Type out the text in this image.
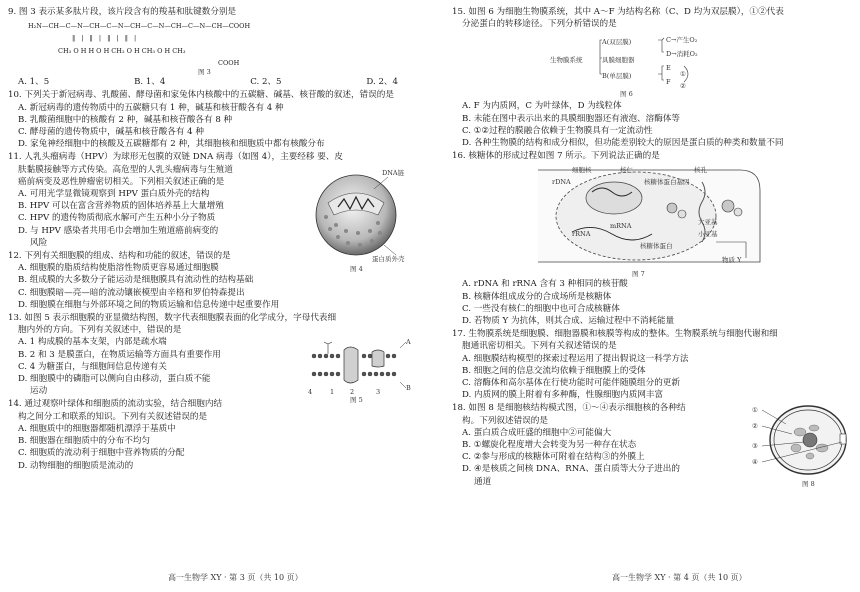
9. 图 3 表示某多肽片段，该片段含有的羧基和肽键数分别是
H₂N—CH—C—N—CH—C—N—CH—C—N—CH—C—N—CH—COOH
‖ | ‖ | ‖ | ‖ |
CH₃ O H H O H CH₂ O H CH₃ O H CH₃
COOH
图 3
A. 1、5	B. 1、4	C. 2、5	D. 2、4
10. 下列关于新冠病毒、乳酸菌、酵母菌和家兔体内核酸中的五碳糖、碱基、核苷酸的叙述，错误的是
A. 新冠病毒的遗传物质中的五碳糖只有 1 种，碱基和核苷酸各有 4 种
B. 乳酸菌细胞中的核酸有 2 种，碱基和核苷酸各有 8 种
C. 酵母菌的遗传物质中，碱基和核苷酸各有 4 种
D. 家兔神经细胞中的核酸及五碳糖都有 2 种，其细胞核和细胞质中都有核酸分布
11. 人乳头瘤病毒（HPV）为球形无包膜的双链 DNA 病毒（如图 4），主要经移 要、皮
肤黏膜接触等方式传染。高危型的人乳头瘤病毒与生殖道
癌前病变及恶性肿瘤密切相关。下列相关叙述正确的是
A. 可用光学显微镜观察到 HPV 蛋白质外壳的结构
B. HPV 可以在富含营养物质的固体培养基上大量增殖
C. HPV 的遗传物质彻底水解可产生五种小分子物质
D. 与 HPV 感染者共用毛巾会增加生殖道癌前病变的
风险
DNA链
蛋白质外壳
图 4
12. 下列有关细胞膜的组成、结构和功能的叙述，错误的是
A. 细胞膜的脂质结构使脂溶性物质更容易通过细胞膜
B. 组成膜的大多数分子能运动是细胞膜具有流动性的结构基础
C. 细胞膜暗—亮—暗的流动镶嵌模型由辛格和罗伯特森提出
D. 细胞膜在细胞与外部环境之间的物质运输和信息传递中起重要作用
13. 如图 5 表示细胞膜的亚显微结构图，数字代表细胞膜表面的化学成分，字母代表细
胞内外的方向。下列有关叙述中，错误的是
A. 1 构成膜的基本支架，内部是疏水端
B. 2 和 3 是膜蛋白，在物质运输等方面具有重要作用
C. 4 为糖蛋白，与细胞间信息传递有关
D. 细胞膜中的磷脂可以侧向自由移动，蛋白质不能
运动
A
B
4	1 2	3
图 5
14. 通过观察叶绿体和细胞质的流动实验，结合细胞内结
构之间分工和联系的知识。下列有关叙述错误的是
A. 细胞质中的细胞器都随机漂浮于基质中
B. 细胞器在细胞质中的分布不均匀
C. 细胞质的流动利于细胞中营养物质的分配
D. 动物细胞的细胞质是流动的
高一生物学 XY · 第 3 页（共 10 页）
15. 如图 6 为细胞生物膜系统，其中 A～F 为结构名称（C、D 均为双层膜），①②代表
分泌蛋白的转移途径。下列分析错误的是
生物膜系统
A(双层膜)
具膜细胞器
B(单层膜)
C→产生O₂
D→消耗O₂
E
F
①
②
图 6
A. F 为内质网，C 为叶绿体，D 为线粒体
B. 未能在图中表示出来的具膜细胞器还有液泡、溶酶体等
C. ①②过程的膜融合依赖于生物膜具有一定流动性
D. 各种生物膜的结构和成分相似，但功能差别较大的原因是蛋白质的种类和数量不同
16. 核糖体的形成过程如图 7 所示。下列说法正确的是
rDNA
细胞核	核仁
核糖体蛋白基因
核孔
rRNA
mRNA	大亚基
小亚基
核糖体蛋白
物质 Y
图 7
A. rDNA 和 rRNA 含有 3 种相同的核苷酸
B. 核糖体组成成分的合成场所是核糖体
C. 一些没有核仁的细胞中也可合成核糖体
D. 若物质 Y 为抗体，则其合成、运输过程中不消耗能量
17. 生物膜系统是细胞膜、细胞器膜和核膜等构成的整体。生物膜系统与细胞代谢和细
胞通讯密切相关。下列有关叙述错误的是
A. 细胞膜结构模型的探索过程运用了提出假说这一科学方法
B. 细胞之间的信息交流均依赖于细胞膜上的受体
C. 溶酶体和高尔基体在行使功能时可能伴随膜组分的更新
D. 内质网的膜上附着有多种酶，性腺细胞内质网丰富
18. 如图 8 是细胞核结构模式图，①～④表示细胞核的各种结
构。下列叙述错误的是
A. 蛋白质合成旺盛的细胞中②可能偏大
B. ①螺旋化程度增大会转变为另一种存在状态
C. ②参与形成的核糖体可附着在结构③的外膜上
D. ④是核质之间核 DNA、RNA、蛋白质等大分子进出的
通道
①
②
③
④
图 8
高一生物学 XY · 第 4 页（共 10 页）
